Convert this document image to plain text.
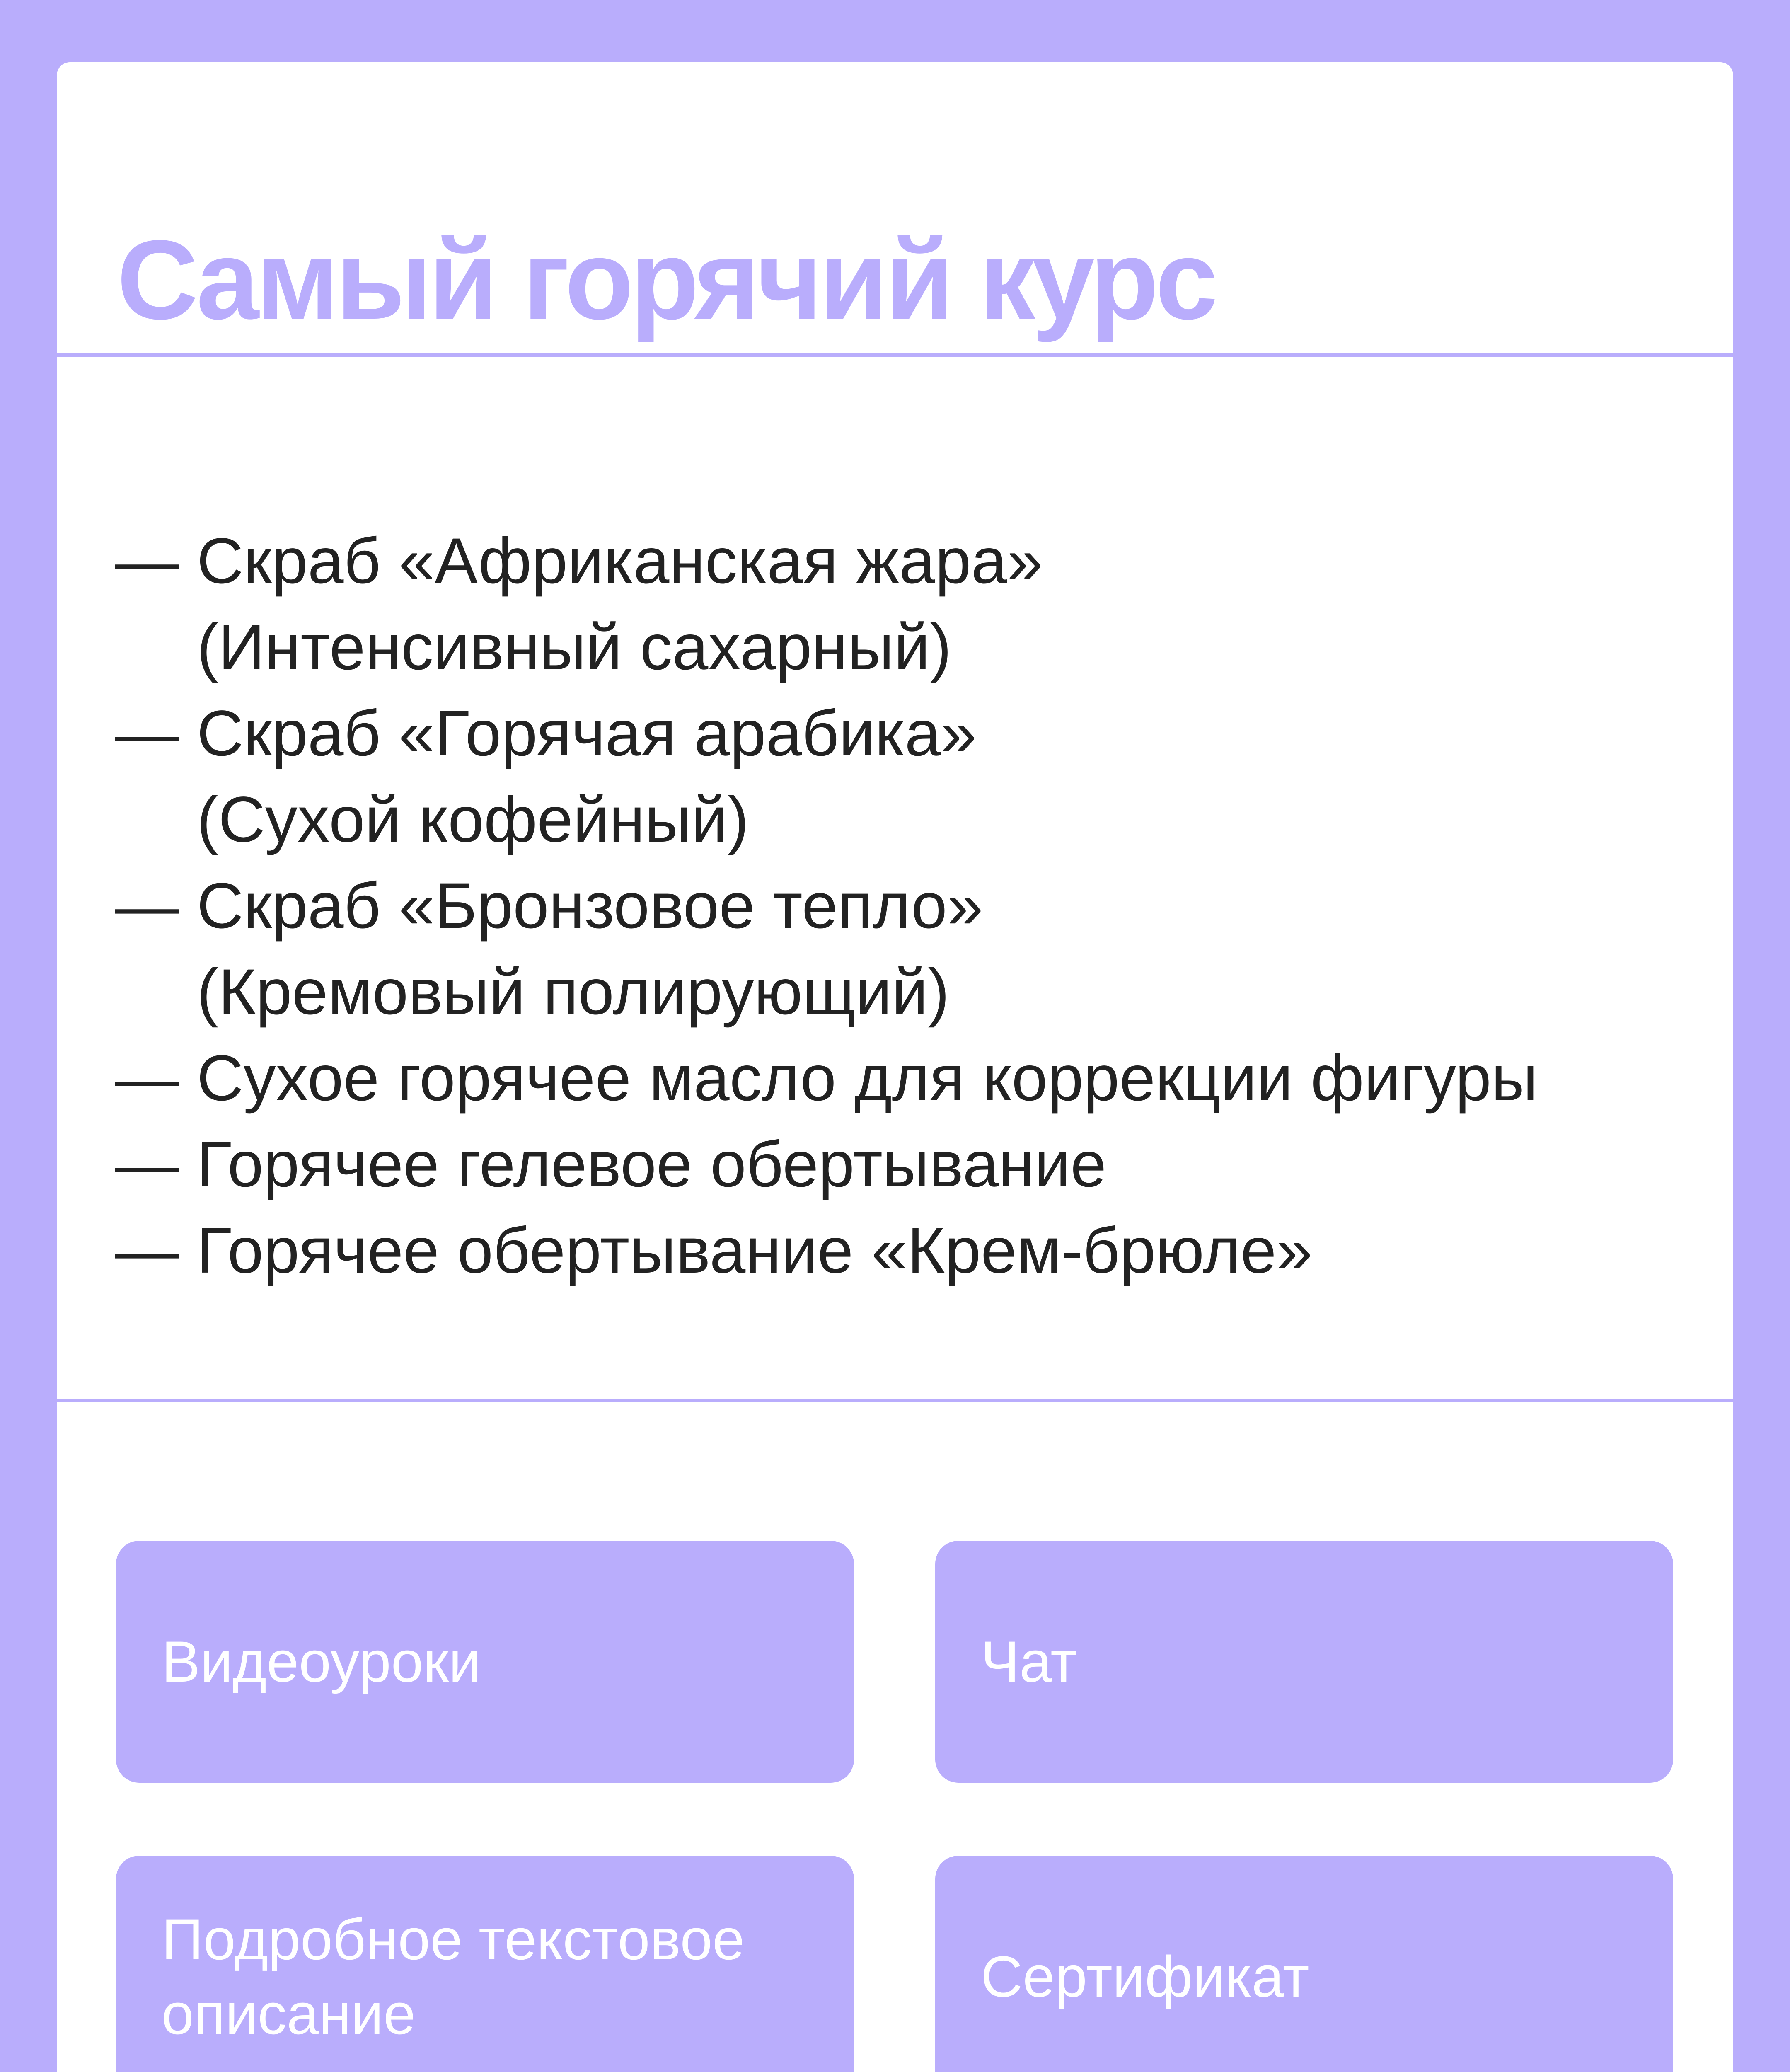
Самый горячий курс
— Скраб «Африканская жара»
(Интенсивный сахарный)
— Скраб «Горячая арабика»
(Сухой кофейный)
— Скраб «Бронзовое тепло»
(Кремовый полирующий)
— Сухое горячее масло для коррекции фигуры
— Горячее гелевое обертывание
— Горячее обертывание «Крем-брюле»
Видеоуроки	Чат
Подробное текстовое описание
Сертификат
